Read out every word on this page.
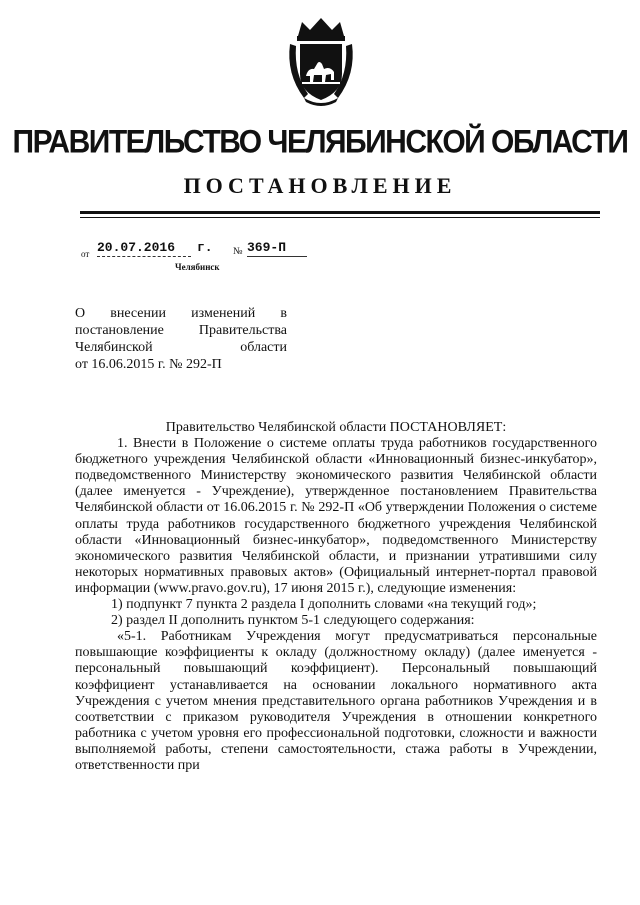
ПРАВИТЕЛЬСТВО ЧЕЛЯБИНСКОЙ ОБЛАСТИ
ПОСТАНОВЛЕНИЕ
от 20.07.2016	г. № 369-П
Челябинск
О внесении изменений в
постановление Правительства
Челябинской области
от 16.06.2015 г. № 292-П

Правительство Челябинской области ПОСТАНОВЛЯЕТ:

1. Внести в Положение о системе оплаты труда работников государственного бюджетного учреждения Челябинской области «Инновационный бизнес-инкубатор», подведомственного Министерству экономического развития Челябинской области (далее именуется - Учреждение), утвержденное постановлением Правительства Челябинской области от 16.06.2015 г. № 292-П «Об утверждении Положения о системе оплаты труда работников государственного бюджетного учреждения Челябинской области «Инновационный бизнес-инкубатор», подведомственного Министерству экономического развития Челябинской области, и признании утратившими силу некоторых нормативных правовых актов» (Официальный интернет-портал правовой информации (www.pravo.gov.ru), 17 июня 2015 г.), следующие изменения:

1) подпункт 7 пункта 2 раздела I дополнить словами «на текущий год»;

2) раздел II дополнить пунктом 5-1 следующего содержания:

«5-1. Работникам Учреждения могут предусматриваться персональные повышающие коэффициенты к окладу (должностному окладу) (далее именуется - персональный повышающий коэффициент). Персональный повышающий коэффициент устанавливается на основании локального нормативного акта Учреждения с учетом мнения представительного органа работников Учреждения и в соответствии с приказом руководителя Учреждения в отношении конкретного работника с учетом уровня его профессиональной подготовки, сложности и важности выполняемой работы, степени самостоятельности, стажа работы в Учреждении, ответственности при
